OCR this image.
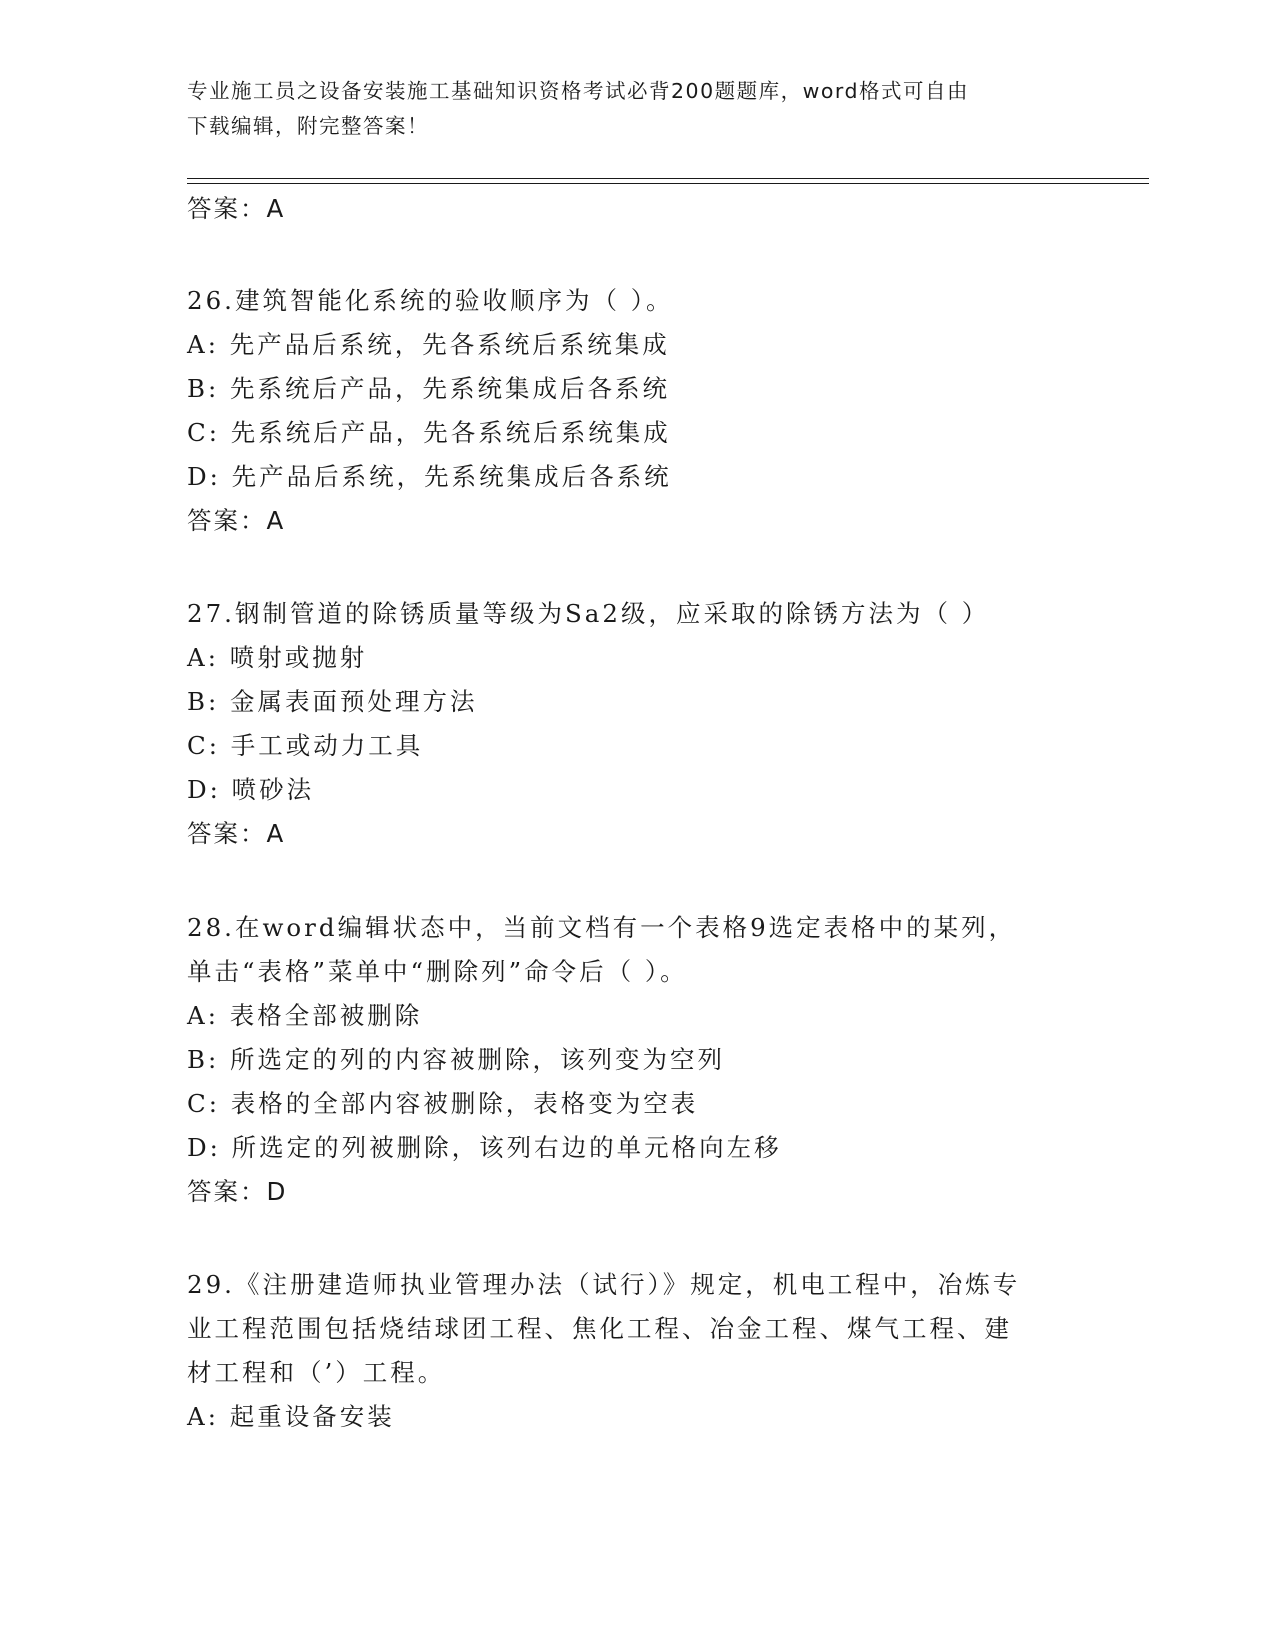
专业施工员之设备安装施工基础知识资格考试必背200题题库，word格式可自由
下载编辑，附完整答案！
答案：A
26.建筑智能化系统的验收顺序为（ ）。
A: 先产品后系统，先各系统后系统集成
B: 先系统后产品，先系统集成后各系统
C: 先系统后产品，先各系统后系统集成
D: 先产品后系统，先系统集成后各系统
答案：A
27.钢制管道的除锈质量等级为Sa2级，应采取的除锈方法为（ ）
A: 喷射或抛射
B: 金属表面预处理方法
C: 手工或动力工具
D: 喷砂法
答案：A
28.在word编辑状态中，当前文档有一个表格9选定表格中的某列，
单击“表格”菜单中“删除列”命令后（ ）。
A: 表格全部被删除
B: 所选定的列的内容被删除，该列变为空列
C: 表格的全部内容被删除，表格变为空表
D: 所选定的列被删除，该列右边的单元格向左移
答案：D
29.《注册建造师执业管理办法（试行）》规定，机电工程中，冶炼专
业工程范围包括烧结球团工程、焦化工程、冶金工程、煤气工程、建
材工程和（’）工程。
A: 起重设备安装
